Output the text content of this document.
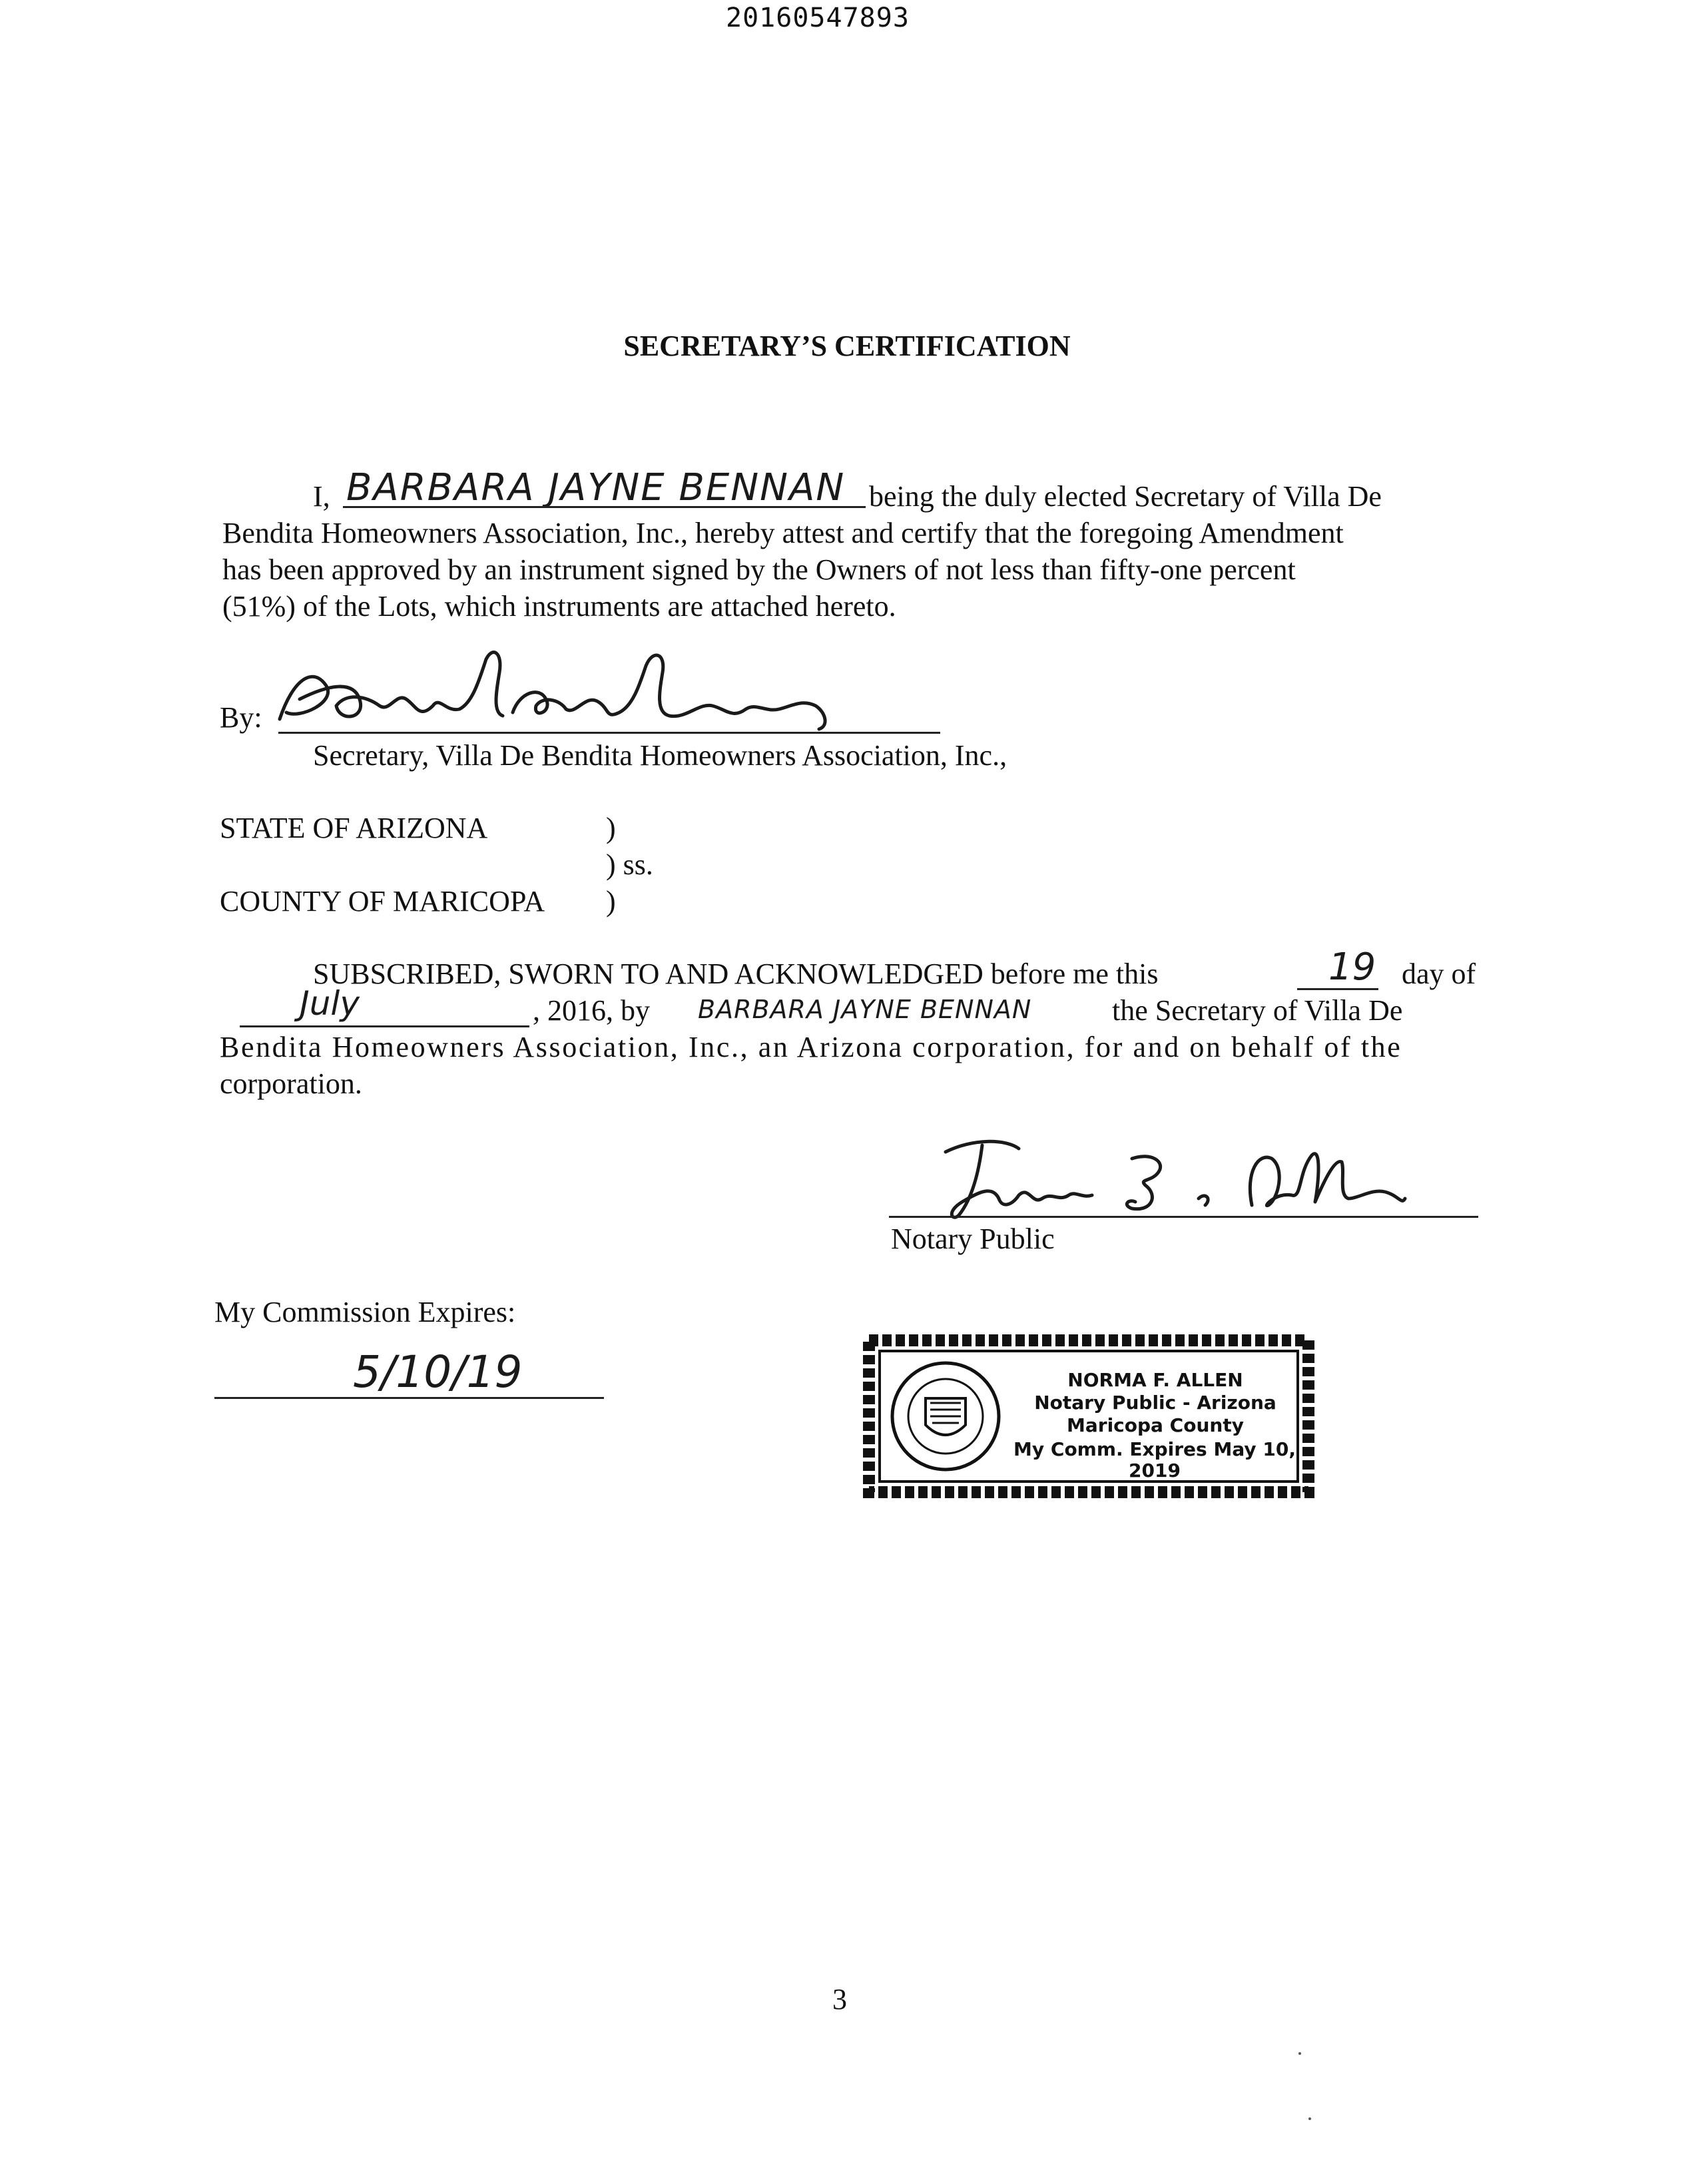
20160547893
SECRETARY’S CERTIFICATION
I, BARBARA JAYNE BENNAN being the duly elected Secretary of Villa De
Bendita Homeowners Association, Inc., hereby attest and certify that the foregoing Amendment
has been approved by an instrument signed by the Owners of not less than fifty-one percent
(51%) of the Lots, which instruments are attached hereto.
By:
Secretary, Villa De Bendita Homeowners Association, Inc.,
STATE OF ARIZONA	)
) ss.
COUNTY OF MARICOPA )
SUBSCRIBED, SWORN TO AND ACKNOWLEDGED before me this	19 day of
July	, 2016, by BARBARA JAYNE BENNAN	the Secretary of Villa De
Bendita Homeowners Association, Inc., an Arizona corporation, for and on behalf of the
corporation.
Notary Public
My Commission Expires:
5/10/19	NORMA F. ALLEN
Notary Public - Arizona
Maricopa County
My Comm. Expires May 10, 2019
3
